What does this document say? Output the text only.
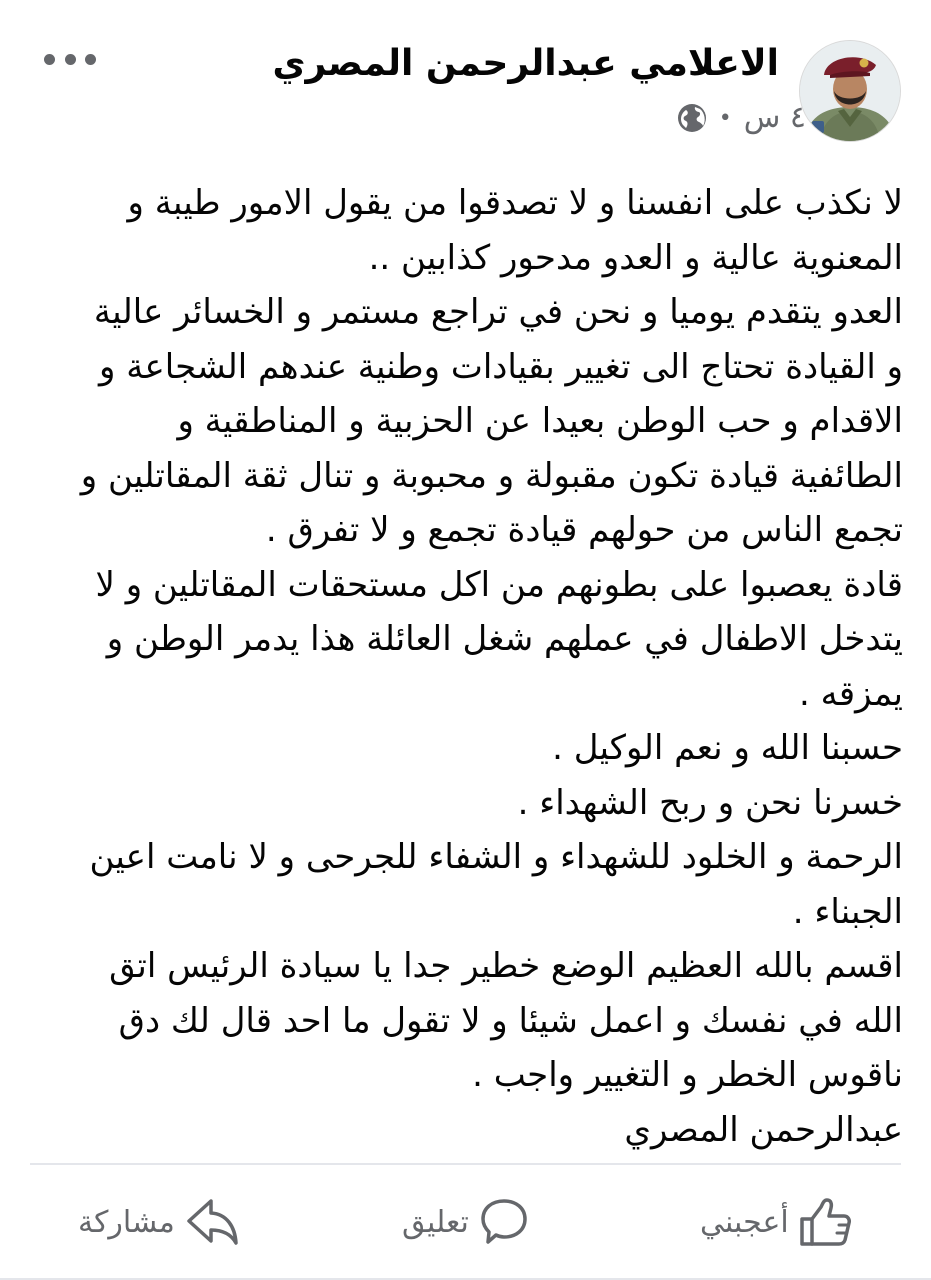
الاعلامي عبدالرحمن المصري
٤ س
•
لا نكذب على انفسنا و لا تصدقوا من يقول الامور طيبة و
المعنوية عالية و العدو مدحور كذابين ..
العدو يتقدم يوميا و نحن في تراجع مستمر و الخسائر عالية
و القيادة تحتاج الى تغيير بقيادات وطنية عندهم الشجاعة و
الاقدام و حب الوطن بعيدا عن الحزبية و المناطقية و
الطائفية قيادة تكون مقبولة و محبوبة و تنال ثقة المقاتلين و
تجمع الناس من حولهم قيادة تجمع و لا تفرق .
قادة يعصبوا على بطونهم من اكل مستحقات المقاتلين و لا
يتدخل الاطفال في عملهم شغل العائلة هذا يدمر الوطن و
يمزقه .
حسبنا الله و نعم الوكيل .
خسرنا نحن و ربح الشهداء .
الرحمة و الخلود للشهداء و الشفاء للجرحى و لا نامت اعين
الجبناء .
اقسم بالله العظيم الوضع خطير جدا يا سيادة الرئيس اتق
الله في نفسك و اعمل شيئا و لا تقول ما احد قال لك دق
ناقوس الخطر و التغيير واجب .
عبدالرحمن المصري
أعجبني
تعليق
مشاركة
